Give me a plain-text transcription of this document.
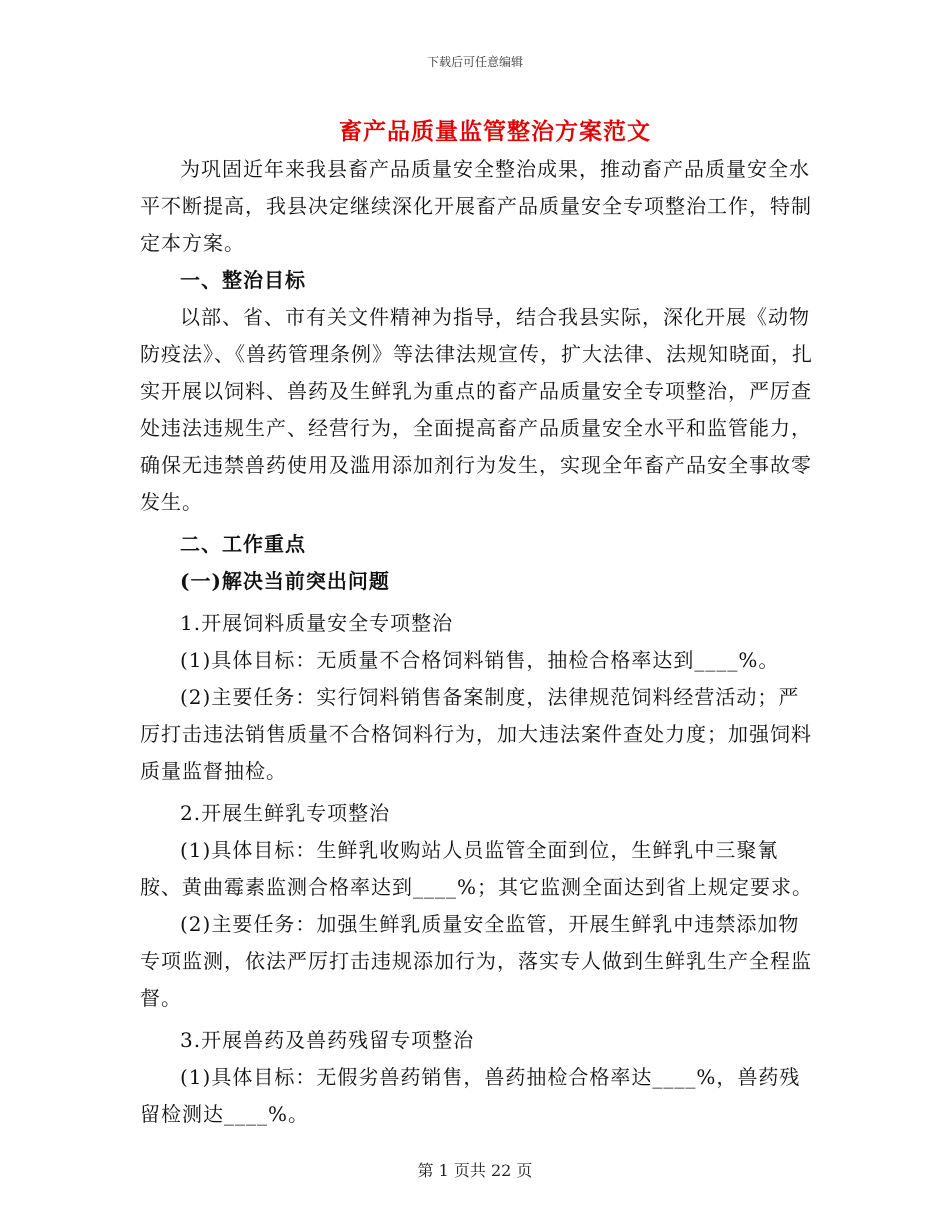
下载后可任意编辑
畜产品质量监管整治方案范文

为巩固近年来我县畜产品质量安全整治成果，推动畜产品质量安全水平不断提高，我县决定继续深化开展畜产品质量安全专项整治工作，特制定本方案。

一、整治目标

以部、省、市有关文件精神为指导，结合我县实际，深化开展《动物防疫法》、《兽药管理条例》等法律法规宣传，扩大法律、法规知晓面，扎实开展以饲料、兽药及生鲜乳为重点的畜产品质量安全专项整治，严厉查处违法违规生产、经营行为，全面提高畜产品质量安全水平和监管能力，确保无违禁兽药使用及滥用添加剂行为发生，实现全年畜产品安全事故零发生。

二、工作重点

(一)解决当前突出问题

1.开展饲料质量安全专项整治

(1)具体目标：无质量不合格饲料销售，抽检合格率达到____%。

(2)主要任务：实行饲料销售备案制度，法律规范饲料经营活动；严厉打击违法销售质量不合格饲料行为，加大违法案件查处力度；加强饲料质量监督抽检。

2.开展生鲜乳专项整治

(1)具体目标：生鲜乳收购站人员监管全面到位，生鲜乳中三聚氰胺、黄曲霉素监测合格率达到____%；其它监测全面达到省上规定要求。

(2)主要任务：加强生鲜乳质量安全监管，开展生鲜乳中违禁添加物专项监测，依法严厉打击违规添加行为，落实专人做到生鲜乳生产全程监督。

3.开展兽药及兽药残留专项整治

(1)具体目标：无假劣兽药销售，兽药抽检合格率达____%，兽药残留检测达____%。

第 1 页共 22 页
